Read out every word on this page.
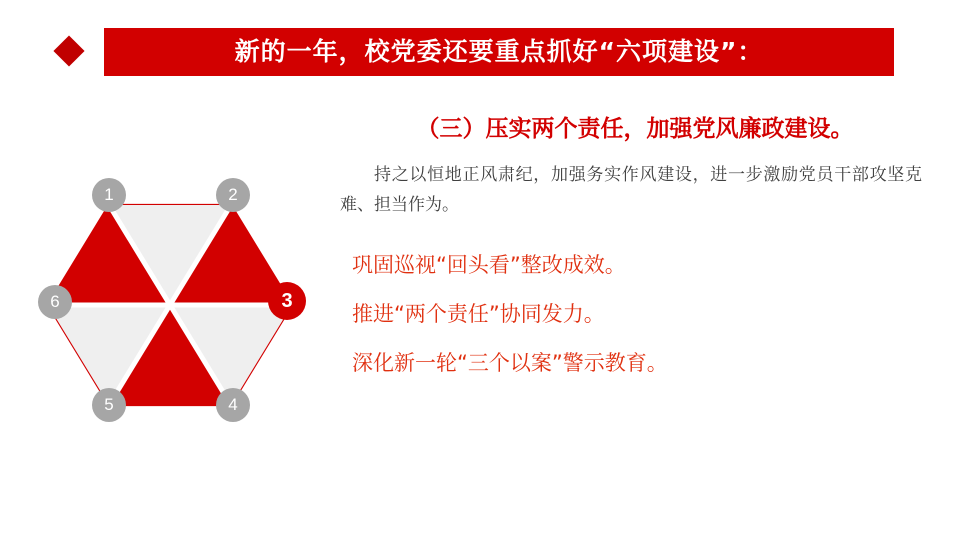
新的一年，校党委还要重点抓好“六项建设”：
1	2
3
4
5
6
（三）压实两个责任，加强党风廉政建设。

持之以恒地正风肃纪，加强务实作风建设，进一步激励党员干部攻坚克难、担当作为。

巩固巡视“回头看”整改成效。
推进“两个责任”协同发力。
深化新一轮“三个以案”警示教育。
